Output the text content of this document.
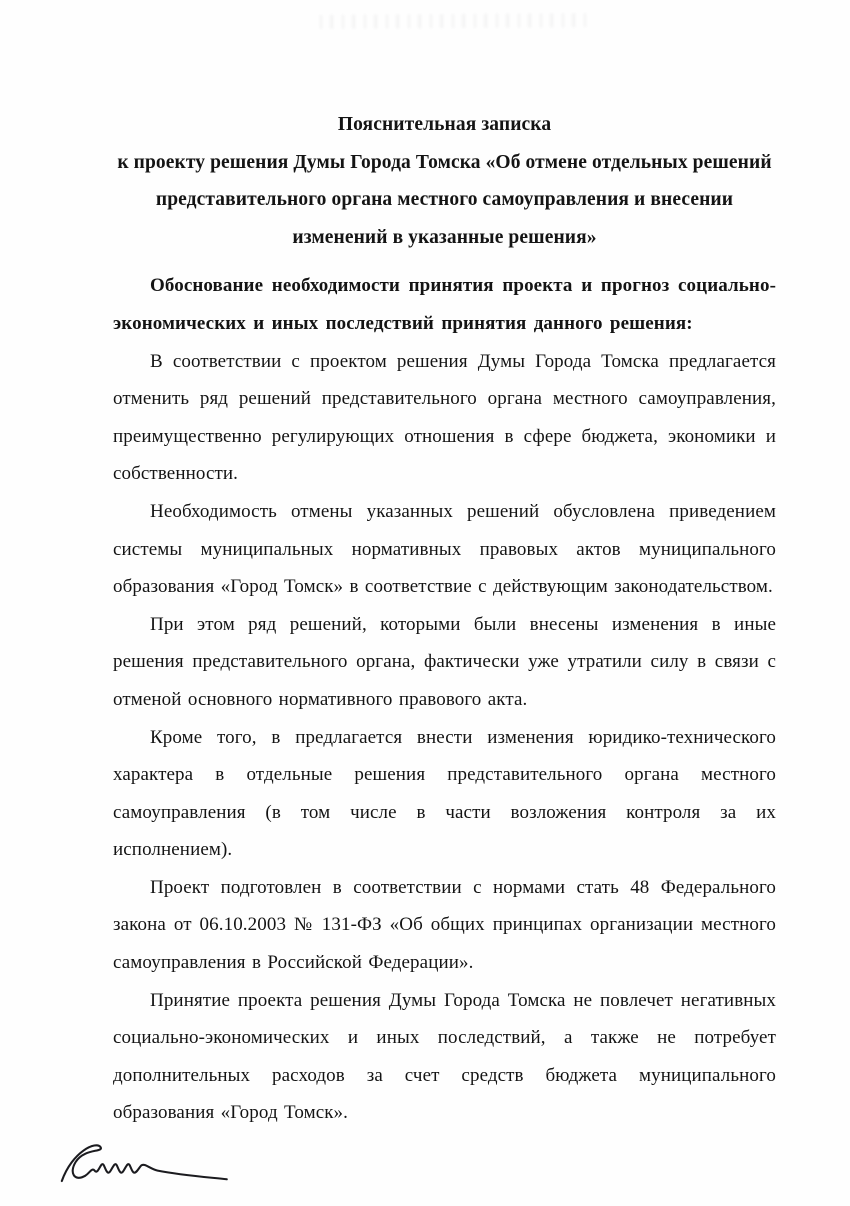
Пояснительная записка

к проекту решения Думы Города Томска «Об отмене отдельных решений представительного органа местного самоуправления и внесении изменений в указанные решения»

Обоснование необходимости принятия проекта и прогноз социально-экономических и иных последствий принятия данного решения:

В соответствии с проектом решения Думы Города Томска предлагается отменить ряд решений представительного органа местного самоуправления, преимущественно регулирующих отношения в сфере бюджета, экономики и собственности.

Необходимость отмены указанных решений обусловлена приведением системы муниципальных нормативных правовых актов муниципального образования «Город Томск» в соответствие с действующим законодательством.

При этом ряд решений, которыми были внесены изменения в иные решения представительного органа, фактически уже утратили силу в связи с отменой основного нормативного правового акта.

Кроме того, в предлагается внести изменения юридико-технического характера в отдельные решения представительного органа местного самоуправления (в том числе в части возложения контроля за их исполнением).

Проект подготовлен в соответствии с нормами стать 48 Федерального закона от 06.10.2003 № 131-ФЗ «Об общих принципах организации местного самоуправления в Российской Федерации».

Принятие проекта решения Думы Города Томска не повлечет негативных социально-экономических и иных последствий, а также не потребует дополнительных расходов за счет средств бюджета муниципального образования «Город Томск».
